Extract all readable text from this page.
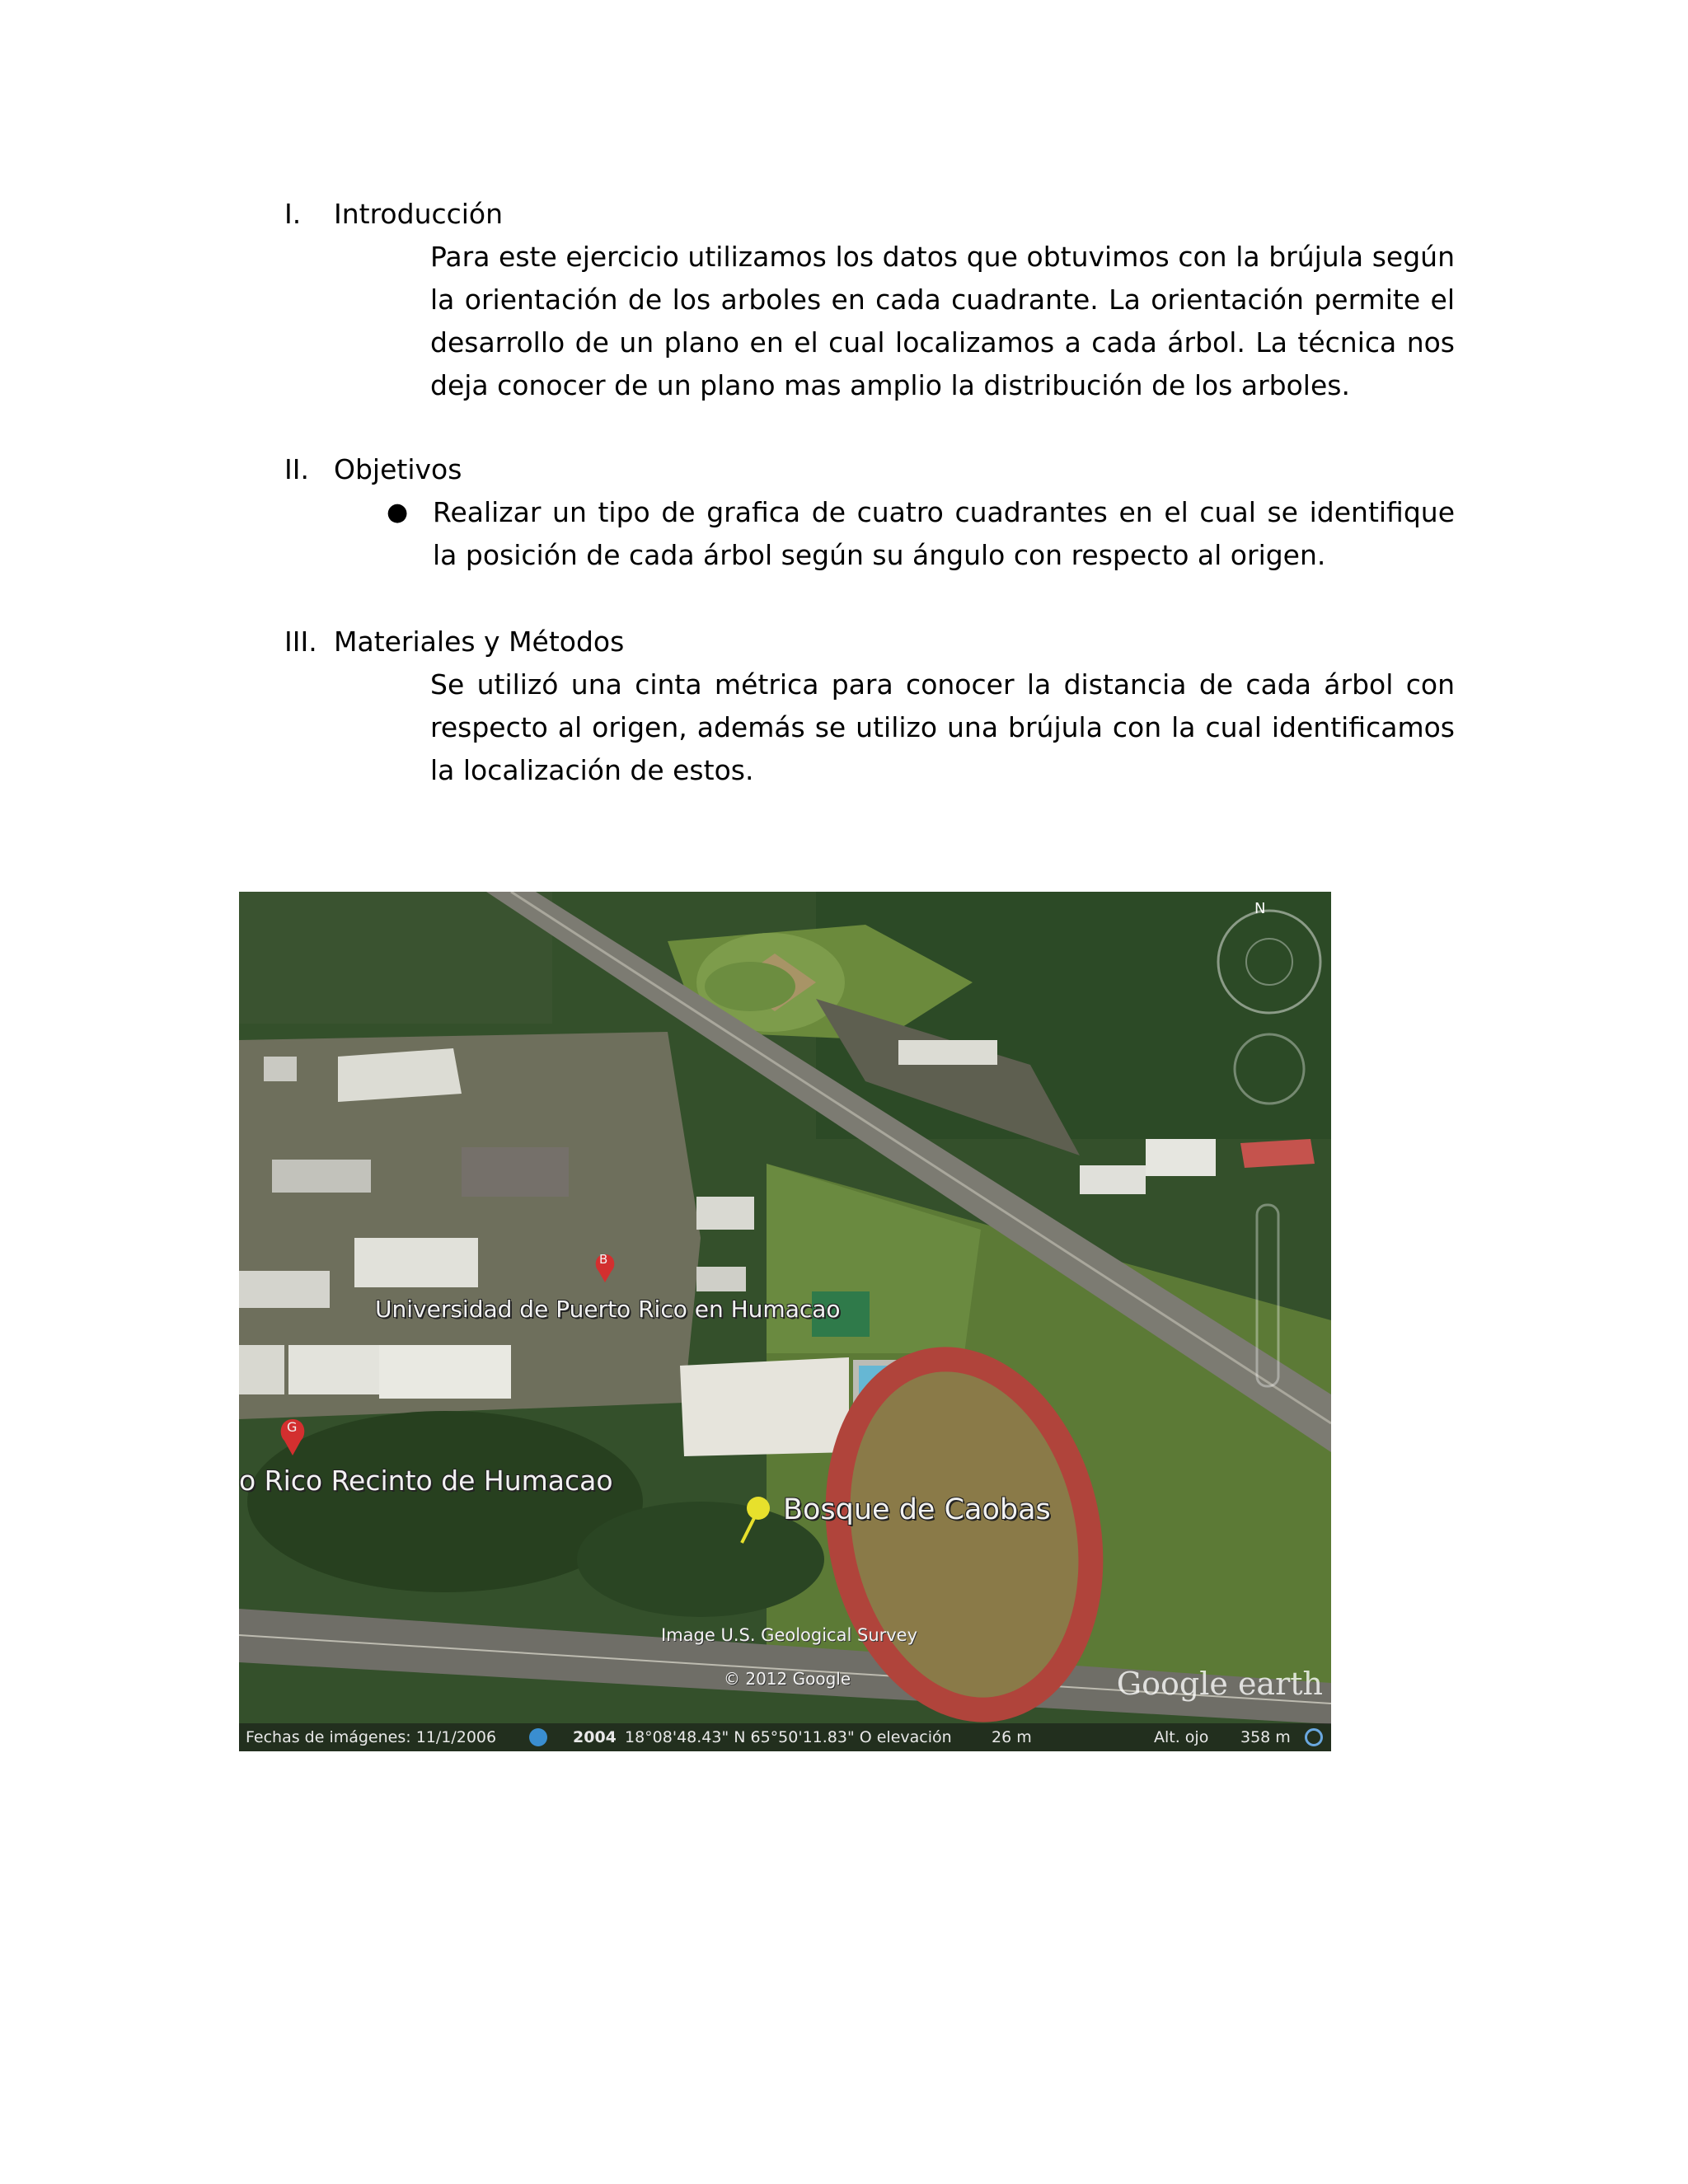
I. Introducción
Para este ejercicio utilizamos los datos que obtuvimos con la brújula según la orientación de los arboles en cada cuadrante. La orientación permite el desarrollo de un plano en el cual localizamos a cada árbol. La técnica nos deja conocer de un plano mas amplio la distribución de los arboles.
II. Objetivos
● Realizar un tipo de grafica de cuatro cuadrantes en el cual se identifique la posición de cada árbol según su ángulo con respecto al origen.
III. Materiales y Métodos
Se utilizó una cinta métrica para conocer la distancia de cada árbol con respecto al origen, además se utilizo una brújula con la cual identificamos la localización de estos.
N
B
G
Universidad de Puerto Rico en Humacao
o Rico Recinto de Humacao
Bosque de Caobas
Image U.S. Geological Survey
© 2012 Google	Google earth
Fechas de imágenes: 11/1/2006	2004 18°08'48.43" N 65°50'11.83" O elevación	26 m	Alt. ojo 358 m
